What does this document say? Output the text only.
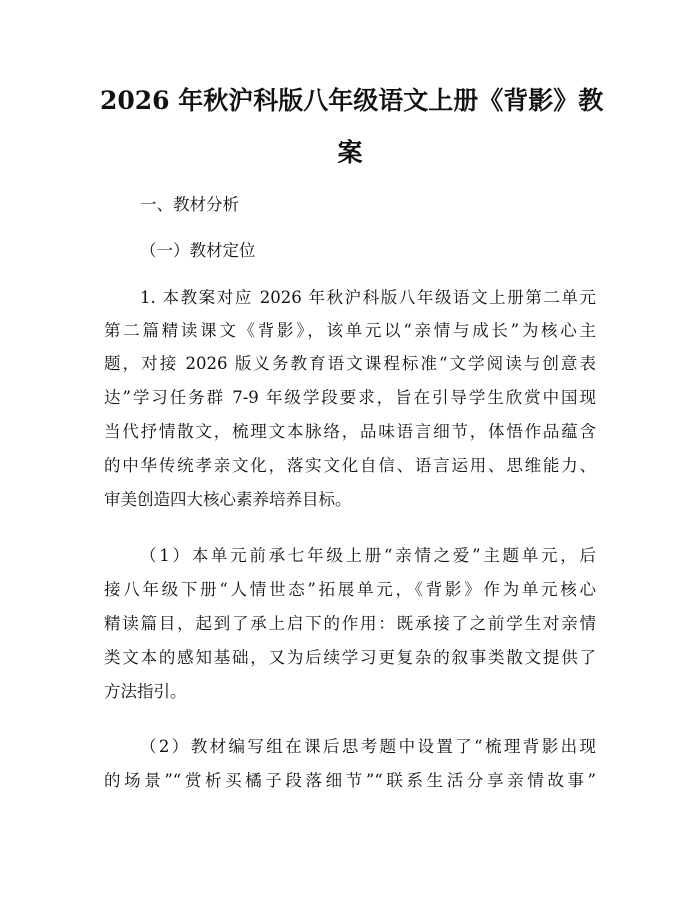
2026 年秋沪科版八年级语文上册《背影》教
案

一、教材分析

（一）教材定位

1. 本教案对应 2026 年秋沪科版八年级语文上册第二单元
第二篇精读课文《背影》，该单元以“亲情与成长”为核心主
题，对接 2026 版义务教育语文课程标准“文学阅读与创意表
达”学习任务群 7-9 年级学段要求，旨在引导学生欣赏中国现
当代抒情散文，梳理文本脉络，品味语言细节，体悟作品蕴含
的中华传统孝亲文化，落实文化自信、语言运用、思维能力、
审美创造四大核心素养培养目标。
（1）本单元前承七年级上册“亲情之爱”主题单元，后
接八年级下册“人情世态”拓展单元，《背影》作为单元核心
精读篇目，起到了承上启下的作用：既承接了之前学生对亲情
类文本的感知基础，又为后续学习更复杂的叙事类散文提供了
方法指引。
（2）教材编写组在课后思考题中设置了“梳理背影出现
的场景”“赏析买橘子段落细节”“联系生活分享亲情故事”
